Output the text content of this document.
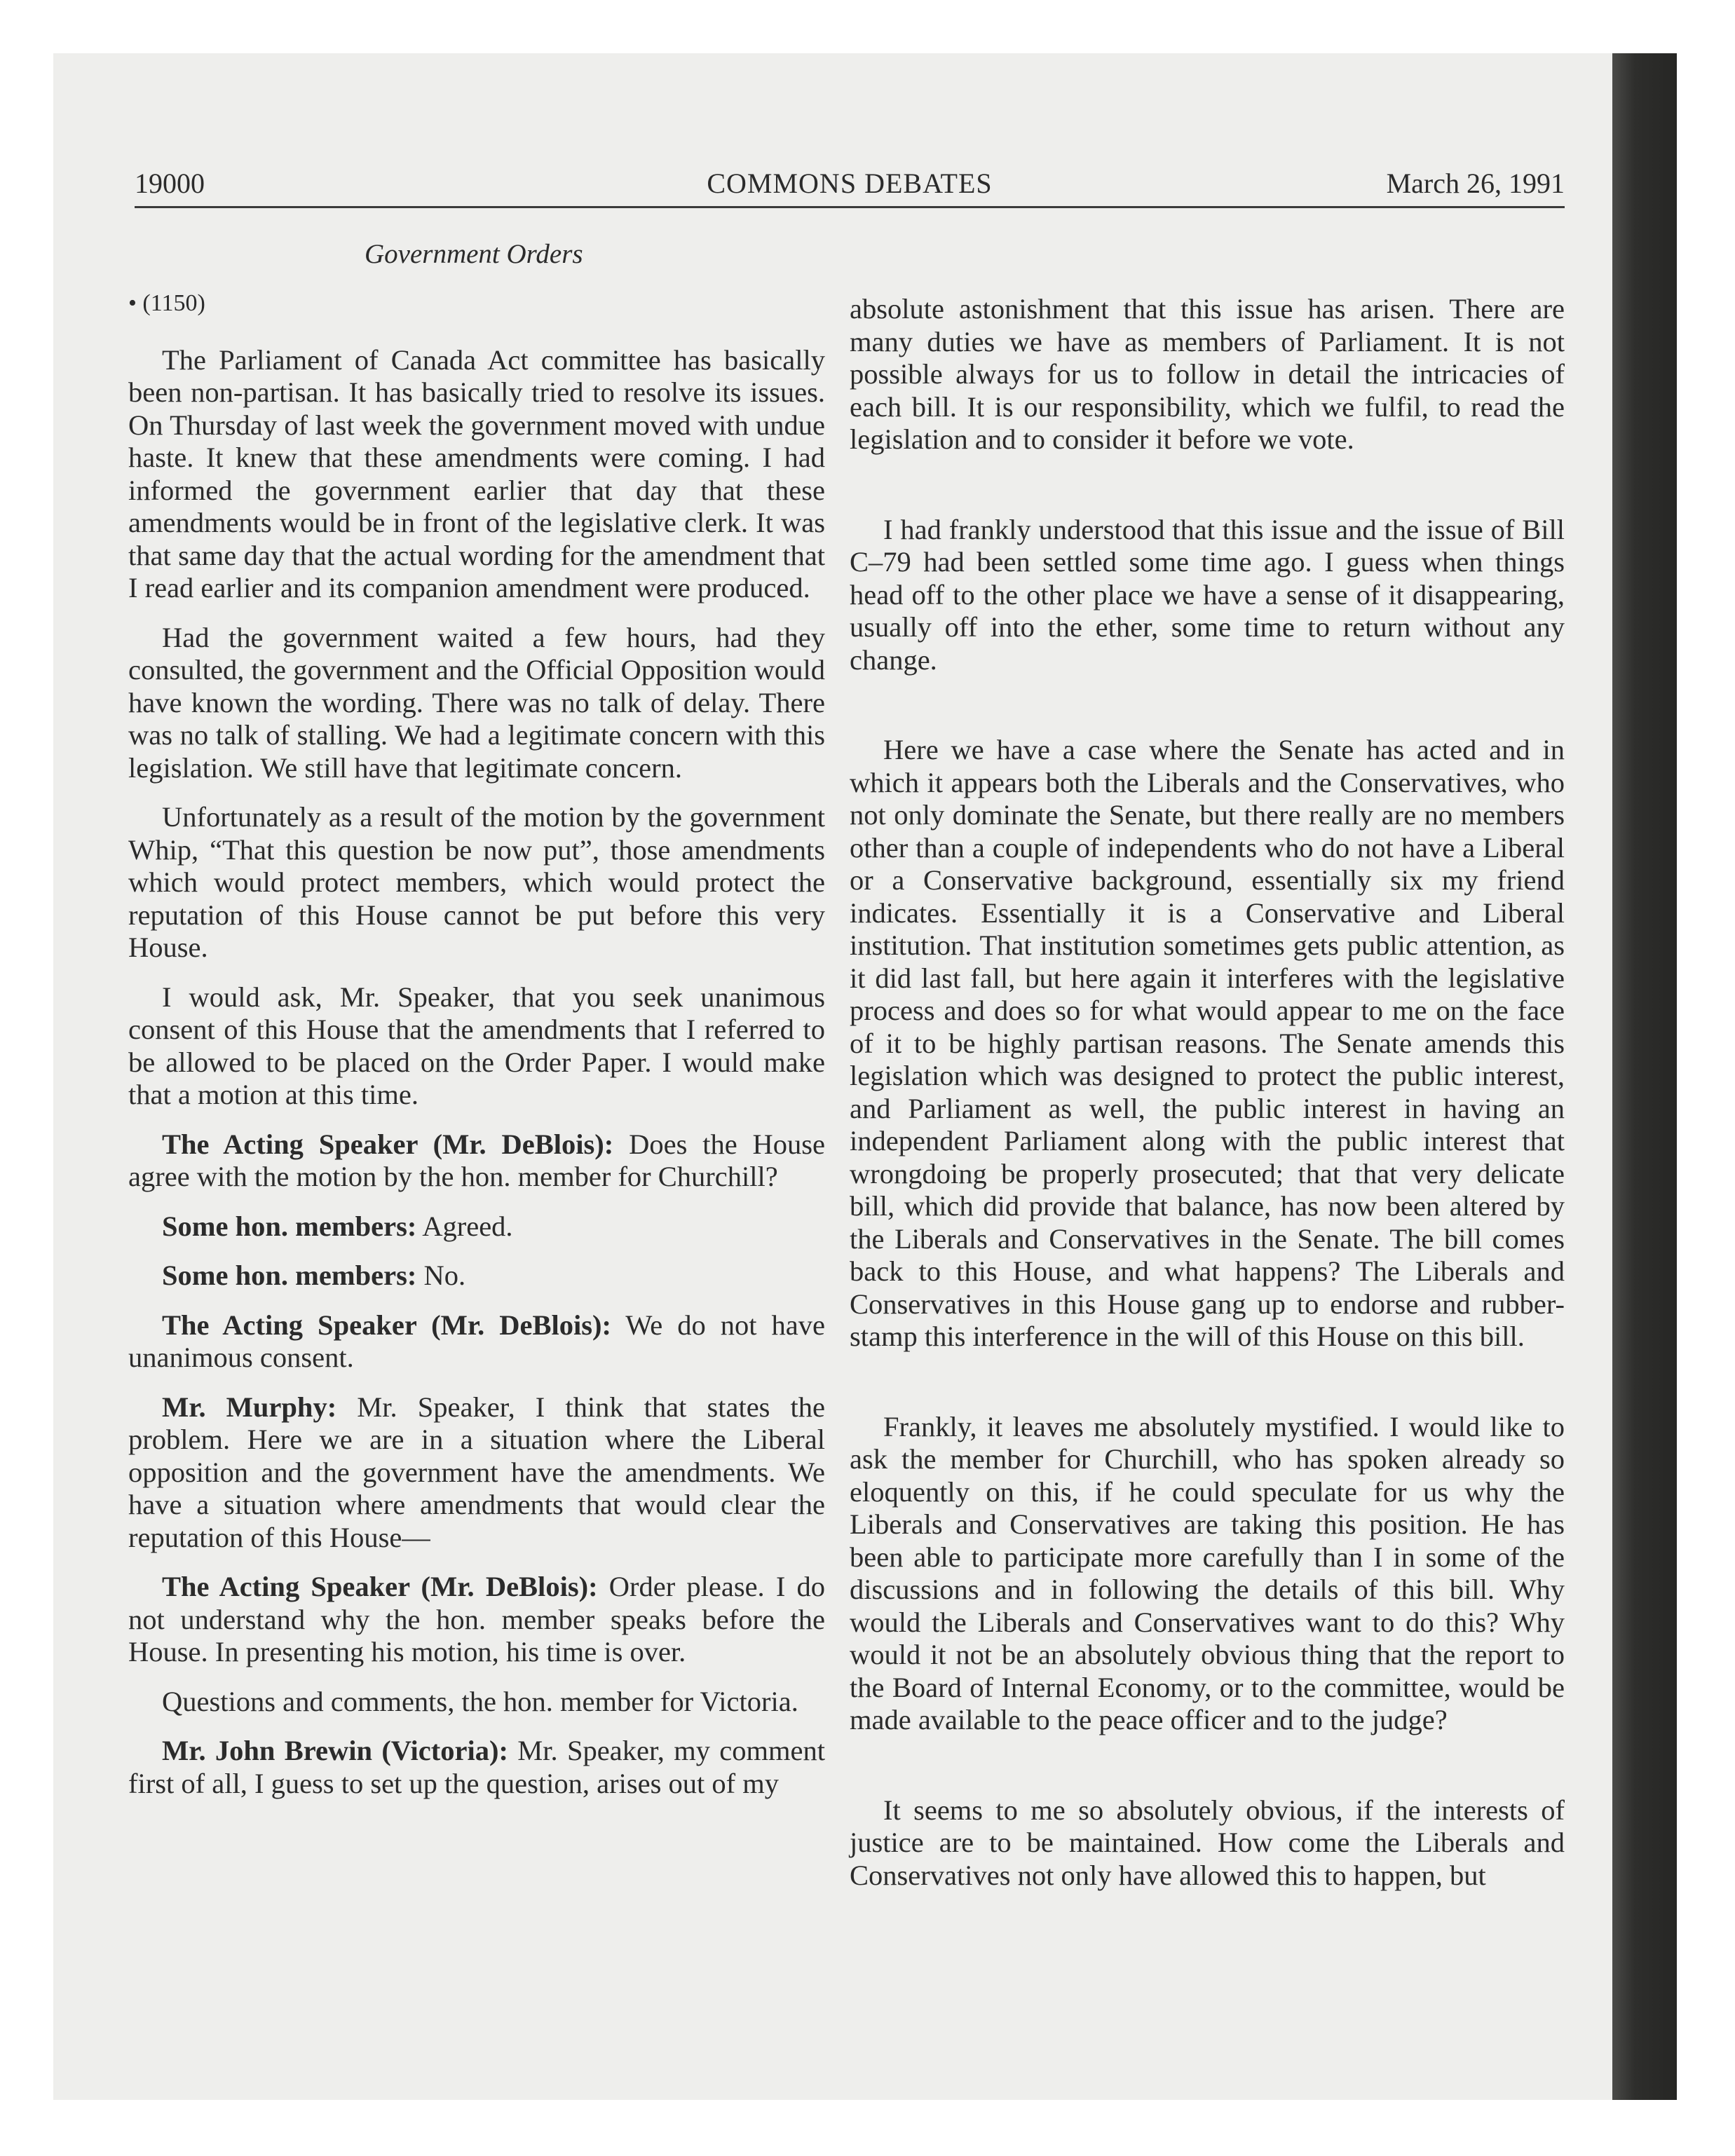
19000	COMMONS DEBATES	March 26, 1991
Government Orders
• (1150)

The Parliament of Canada Act committee has basically been non-partisan. It has basically tried to resolve its issues. On Thursday of last week the government moved with undue haste. It knew that these amendments were coming. I had informed the government earlier that day that these amendments would be in front of the legislative clerk. It was that same day that the actual wording for the amendment that I read earlier and its companion amendment were produced.

Had the government waited a few hours, had they consulted, the government and the Official Opposition would have known the wording. There was no talk of delay. There was no talk of stalling. We had a legitimate concern with this legislation. We still have that legitimate concern.

Unfortunately as a result of the motion by the government Whip, “That this question be now put”, those amendments which would protect members, which would protect the reputation of this House cannot be put before this very House.

I would ask, Mr. Speaker, that you seek unanimous consent of this House that the amendments that I referred to be allowed to be placed on the Order Paper. I would make that a motion at this time.

The Acting Speaker (Mr. DeBlois): Does the House agree with the motion by the hon. member for Churchill?

Some hon. members: Agreed.

Some hon. members: No.

The Acting Speaker (Mr. DeBlois): We do not have unanimous consent.

Mr. Murphy: Mr. Speaker, I think that states the problem. Here we are in a situation where the Liberal opposition and the government have the amendments. We have a situation where amendments that would clear the reputation of this House—

The Acting Speaker (Mr. DeBlois): Order please. I do not understand why the hon. member speaks before the House. In presenting his motion, his time is over.

Questions and comments, the hon. member for Victoria.

Mr. John Brewin (Victoria): Mr. Speaker, my comment first of all, I guess to set up the question, arises out of my

absolute astonishment that this issue has arisen. There are many duties we have as members of Parliament. It is not possible always for us to follow in detail the intricacies of each bill. It is our responsibility, which we fulfil, to read the legislation and to consider it before we vote.

I had frankly understood that this issue and the issue of Bill C–79 had been settled some time ago. I guess when things head off to the other place we have a sense of it disappearing, usually off into the ether, some time to return without any change.

Here we have a case where the Senate has acted and in which it appears both the Liberals and the Conservatives, who not only dominate the Senate, but there really are no members other than a couple of independents who do not have a Liberal or a Conservative background, essentially six my friend indicates. Essentially it is a Conservative and Liberal institution. That institution sometimes gets public attention, as it did last fall, but here again it interferes with the legislative process and does so for what would appear to me on the face of it to be highly partisan reasons. The Senate amends this legislation which was designed to protect the public interest, and Parliament as well, the public interest in having an independent Parliament along with the public interest that wrongdoing be properly prosecuted; that that very delicate bill, which did provide that balance, has now been altered by the Liberals and Conservatives in the Senate. The bill comes back to this House, and what happens? The Liberals and Conservatives in this House gang up to endorse and rubber-stamp this interference in the will of this House on this bill.

Frankly, it leaves me absolutely mystified. I would like to ask the member for Churchill, who has spoken already so eloquently on this, if he could speculate for us why the Liberals and Conservatives are taking this position. He has been able to participate more carefully than I in some of the discussions and in following the details of this bill. Why would the Liberals and Conservatives want to do this? Why would it not be an absolutely obvious thing that the report to the Board of Internal Economy, or to the committee, would be made available to the peace officer and to the judge?

It seems to me so absolutely obvious, if the interests of justice are to be maintained. How come the Liberals and Conservatives not only have allowed this to happen, but
